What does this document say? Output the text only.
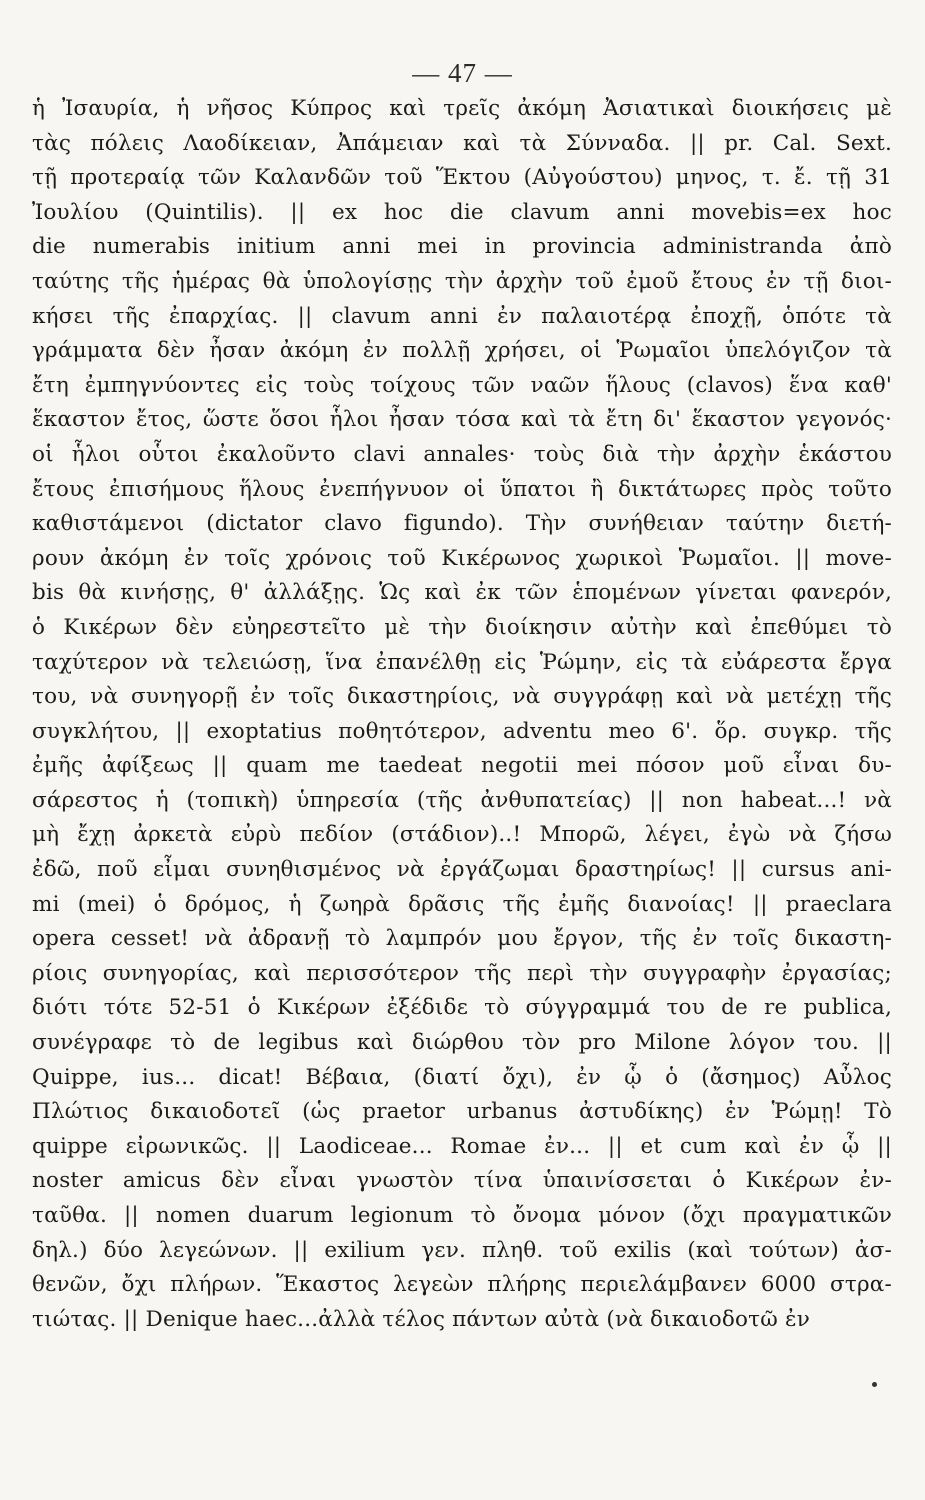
— 47 —
ἡ Ἰσαυρία, ἡ νῆσος Κύπρος καὶ τρεῖς ἀκόμη Ἀσιατικαὶ διοικήσεις μὲ
τὰς πόλεις Λαοδίκειαν, Ἀπάμειαν καὶ τὰ Σύνναδα. || pr. Cal. Sext.
τῇ προτεραίᾳ τῶν Καλανδῶν τοῦ Ἕκτου (Αὐγούστου) μηνος, τ. ἔ. τῇ 31
Ἰουλίου (Quintilis). || ex hoc die clavum anni movebis=ex hoc
die numerabis initium anni mei in provincia administranda ἀπὸ
ταύτης τῆς ἡμέρας θὰ ὑπολογίσῃς τὴν ἀρχὴν τοῦ ἐμοῦ ἔτους ἐν τῇ διοι-
κήσει τῆς ἐπαρχίας. || clavum anni ἐν παλαιοτέρᾳ ἐποχῇ, ὁπότε τὰ
γράμματα δὲν ἦσαν ἀκόμη ἐν πολλῇ χρήσει, οἱ Ῥωμαῖοι ὑπελόγιζον τὰ
ἔτη ἐμπηγνύοντες εἰς τοὺς τοίχους τῶν ναῶν ἥλους (clavos) ἕνα καθ'
ἕκαστον ἔτος, ὥστε ὅσοι ἧλοι ἦσαν τόσα καὶ τὰ ἔτη δι' ἕκαστον γεγονός·
οἱ ἧλοι οὗτοι ἐκαλοῦντο clavi annales· τοὺς διὰ τὴν ἀρχὴν ἑκάστου
ἔτους ἐπισήμους ἥλους ἐνεπήγνυον οἱ ὕπατοι ἢ δικτάτωρες πρὸς τοῦτο
καθιστάμενοι (dictator clavo figundo). Τὴν συνήθειαν ταύτην διετή-
ρουν ἀκόμη ἐν τοῖς χρόνοις τοῦ Κικέρωνος χωρικοὶ Ῥωμαῖοι. || move-
bis θὰ κινήσῃς, θ' ἀλλάξῃς. Ὡς καὶ ἐκ τῶν ἑπομένων γίνεται φανερόν,
ὁ Κικέρων δὲν εὐηρεστεῖτο μὲ τὴν διοίκησιν αὐτὴν καὶ ἐπεθύμει τὸ
ταχύτερον νὰ τελειώσῃ, ἵνα ἐπανέλθῃ εἰς Ῥώμην, εἰς τὰ εὐάρεστα ἔργα
του, νὰ συνηγορῇ ἐν τοῖς δικαστηρίοις, νὰ συγγράφῃ καὶ νὰ μετέχῃ τῆς
συγκλήτου, || exoptatius ποθητότερον, adventu meo 6'. ὅρ. συγκρ. τῆς
ἐμῆς ἀφίξεως || quam me taedeat negotii mei πόσον μοῦ εἶναι δυ-
σάρεστος ἡ (τοπικὴ) ὑπηρεσία (τῆς ἀνθυπατείας) || non habeat...! νὰ
μὴ ἔχῃ ἀρκετὰ εὐρὺ πεδίον (στάδιον)..! Μπορῶ, λέγει, ἐγὼ νὰ ζήσω
ἐδῶ, ποῦ εἶμαι συνηθισμένος νὰ ἐργάζωμαι δραστηρίως! || cursus ani-
mi (mei) ὁ δρόμος, ἡ ζωηρὰ δρᾶσις τῆς ἐμῆς διανοίας! || praeclara
opera cesset! νὰ ἀδρανῇ τὸ λαμπρόν μου ἔργον, τῆς ἐν τοῖς δικαστη-
ρίοις συνηγορίας, καὶ περισσότερον τῆς περὶ τὴν συγγραφὴν ἐργασίας;
διότι τότε 52-51 ὁ Κικέρων ἐξέδιδε τὸ σύγγραμμά του de re publica,
συνέγραφε τὸ de legibus καὶ διώρθου τὸν pro Milone λόγον του. ||
Quippe, ius... dicat! Βέβαια, (διατί ὄχι), ἐν ᾧ ὁ (ἄσημος) Αὖλος
Πλώτιος δικαιοδοτεῖ (ὡς praetor urbanus ἀστυδίκης) ἐν Ῥώμῃ! Τὸ
quippe εἰρωνικῶς. || Laodiceae... Romae ἐν... || et cum καὶ ἐν ᾧ ||
noster amicus δὲν εἶναι γνωστὸν τίνα ὑπαινίσσεται ὁ Κικέρων ἐν-
ταῦθα. || nomen duarum legionum τὸ ὄνομα μόνον (ὄχι πραγματικῶν
δηλ.) δύο λεγεώνων. || exilium γεν. πληθ. τοῦ exilis (καὶ τούτων) ἀσ-
θενῶν, ὄχι πλήρων. Ἕκαστος λεγεὼν πλήρης περιελάμβανεν 6000 στρα-
τιώτας. || Denique haec...ἀλλὰ τέλος πάντων αὐτὰ (νὰ δικαιοδοτῶ ἐν
